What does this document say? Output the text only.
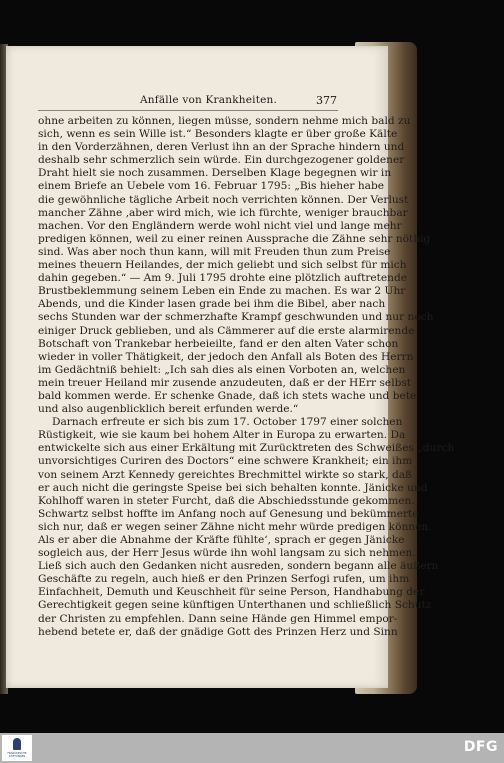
Anfälle von Krankheiten.	377
ohne arbeiten zu können, liegen müsse, sondern nehme mich bald zu
sich, wenn es sein Wille ist.“ Besonders klagte er über große Kälte
in den Vorderzähnen, deren Verlust ihn an der Sprache hindern und
deshalb sehr schmerzlich sein würde. Ein durchgezogener goldener
Draht hielt sie noch zusammen. Derselben Klage begegnen wir in
einem Briefe an Uebele vom 16. Februar 1795: „Bis hieher habe
die gewöhnliche tägliche Arbeit noch verrichten können. Der Verlust
mancher Zähne ‚aber wird mich, wie ich fürchte, weniger brauchbar
machen. Vor den Engländern werde wohl nicht viel und lange mehr
predigen können, weil zu einer reinen Aussprache die Zähne sehr nöthig
sind. Was aber noch thun kann, will mit Freuden thun zum Preise
meines theuern Heilandes, der mich geliebt und sich selbst für mich
dahin gegeben.“ — Am 9. Juli 1795 drohte eine plötzlich auftretende
Brustbeklemmung seinem Leben ein Ende zu machen. Es war 2 Uhr
Abends, und die Kinder lasen grade bei ihm die Bibel, aber nach
sechs Stunden war der schmerzhafte Krampf geschwunden und nur noch
einiger Druck geblieben, und als Cämmerer auf die erste alarmirende
Botschaft von Trankebar herbeieilte, fand er den alten Vater schon
wieder in voller Thätigkeit, der jedoch den Anfall als Boten des Herrn
im Gedächtniß behielt: „Ich sah dies als einen Vorboten an, welchen
mein treuer Heiland mir zusende anzudeuten, daß er der HErr selbst
bald kommen werde. Er schenke Gnade, daß ich stets wache und bete
und also augenblicklich bereit erfunden werde.“
Darnach erfreute er sich bis zum 17. October 1797 einer solchen
Rüstigkeit, wie sie kaum bei hohem Alter in Europa zu erwarten. Da
entwickelte sich aus einer Erkältung mit Zurücktreten des Schweißes „durch
unvorsichtiges Curiren des Doctors“ eine schwere Krankheit; ein ihm
von seinem Arzt Kennedy gereichtes Brechmittel wirkte so stark, daß
er auch nicht die geringste Speise bei sich behalten konnte. Jänicke und
Kohlhoff waren in steter Furcht, daß die Abschiedsstunde gekommen.
Schwartz selbst hoffte im Anfang noch auf Genesung und bekümmerte
sich nur, daß er wegen seiner Zähne nicht mehr würde predigen können.
Als er aber die Abnahme der Kräfte fühlte‘, sprach er gegen Jänicke
sogleich aus, der Herr Jesus würde ihn wohl langsam zu sich nehmen.
Ließ sich auch den Gedanken nicht ausreden, sondern begann alle äußern
Geschäfte zu regeln, auch hieß er den Prinzen Serfogi rufen, um ihm
Einfachheit, Demuth und Keuschheit für seine Person, Handhabung der
Gerechtigkeit gegen seine künftigen Unterthanen und schließlich Schutz
der Christen zu empfehlen. Dann seine Hände gen Himmel empor-
hebend betete er, daß der gnädige Gott des Prinzen Herz und Sinn
FRANCKESCHE STIFTUNGEN
DFG
